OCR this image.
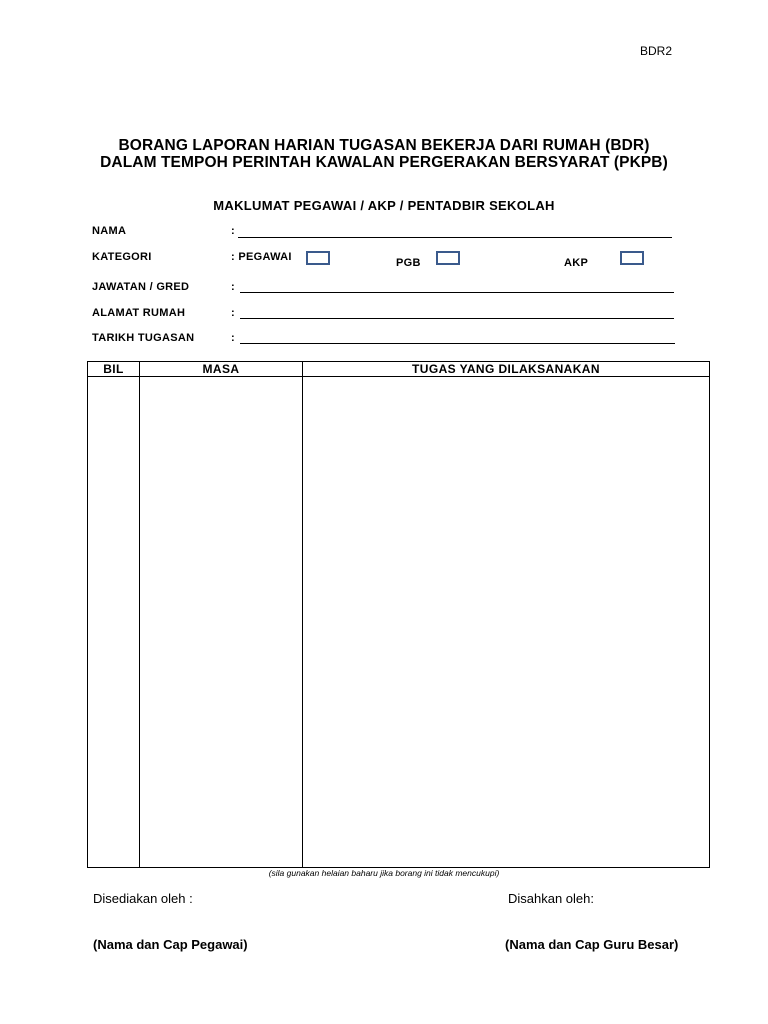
BDR2
BORANG LAPORAN HARIAN TUGASAN BEKERJA DARI RUMAH (BDR)
DALAM TEMPOH PERINTAH KAWALAN PERGERAKAN BERSYARAT (PKPB)
MAKLUMAT PEGAWAI / AKP / PENTADBIR SEKOLAH
NAMA	:
KATEGORI	: PEGAWAI	PGB	AKP
JAWATAN / GRED	:
ALAMAT RUMAH	:
TARIKH TUGASAN	:
BIL	MASA	TUGAS YANG DILAKSANAKAN

(sila gunakan helaian baharu jika borang ini tidak mencukupi)
Disediakan oleh :	Disahkan oleh:
(Nama dan Cap Pegawai)	(Nama dan Cap Guru Besar)
